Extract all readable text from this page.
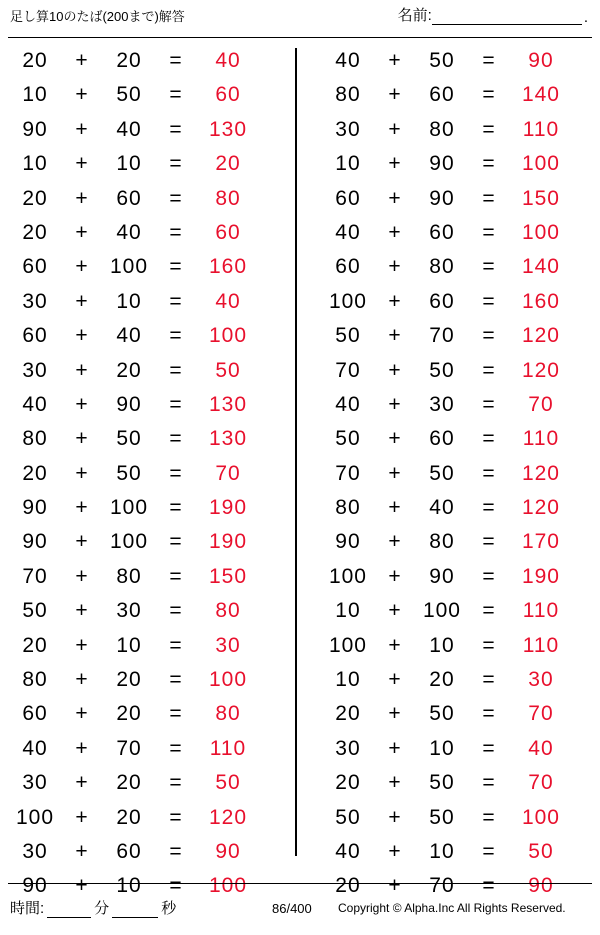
足し算10のたば(200まで)解答	名前:	.
20	+	20	=	40
10	+	50	=	60
90	+	40	=	130
10	+	10	=	20
20	+	60	=	80
20	+	40	=	60
60	+	100	=	160
30	+	10	=	40
60	+	40	=	100
30	+	20	=	50
40	+	90	=	130
80	+	50	=	130
20	+	50	=	70
90	+	100	=	190
90	+	100	=	190
70	+	80	=	150
50	+	30	=	80
20	+	10	=	30
80	+	20	=	100
60	+	20	=	80
40	+	70	=	110
30	+	20	=	50
100	+	20	=	120
30	+	60	=	90
90	+	10	=	100
40	+	50	=	90
80	+	60	=	140
30	+	80	=	110
10	+	90	=	100
60	+	90	=	150
40	+	60	=	100
60	+	80	=	140
100	+	60	=	160
50	+	70	=	120
70	+	50	=	120
40	+	30	=	70
50	+	60	=	110
70	+	50	=	120
80	+	40	=	120
90	+	80	=	170
100	+	90	=	190
10	+	100	=	110
100	+	10	=	110
10	+	20	=	30
20	+	50	=	70
30	+	10	=	40
20	+	50	=	70
50	+	50	=	100
40	+	10	=	50
20	+	70	=	90
時間:	分	秒	86/400 Copyright © Alpha.Inc All Rights Reserved.
